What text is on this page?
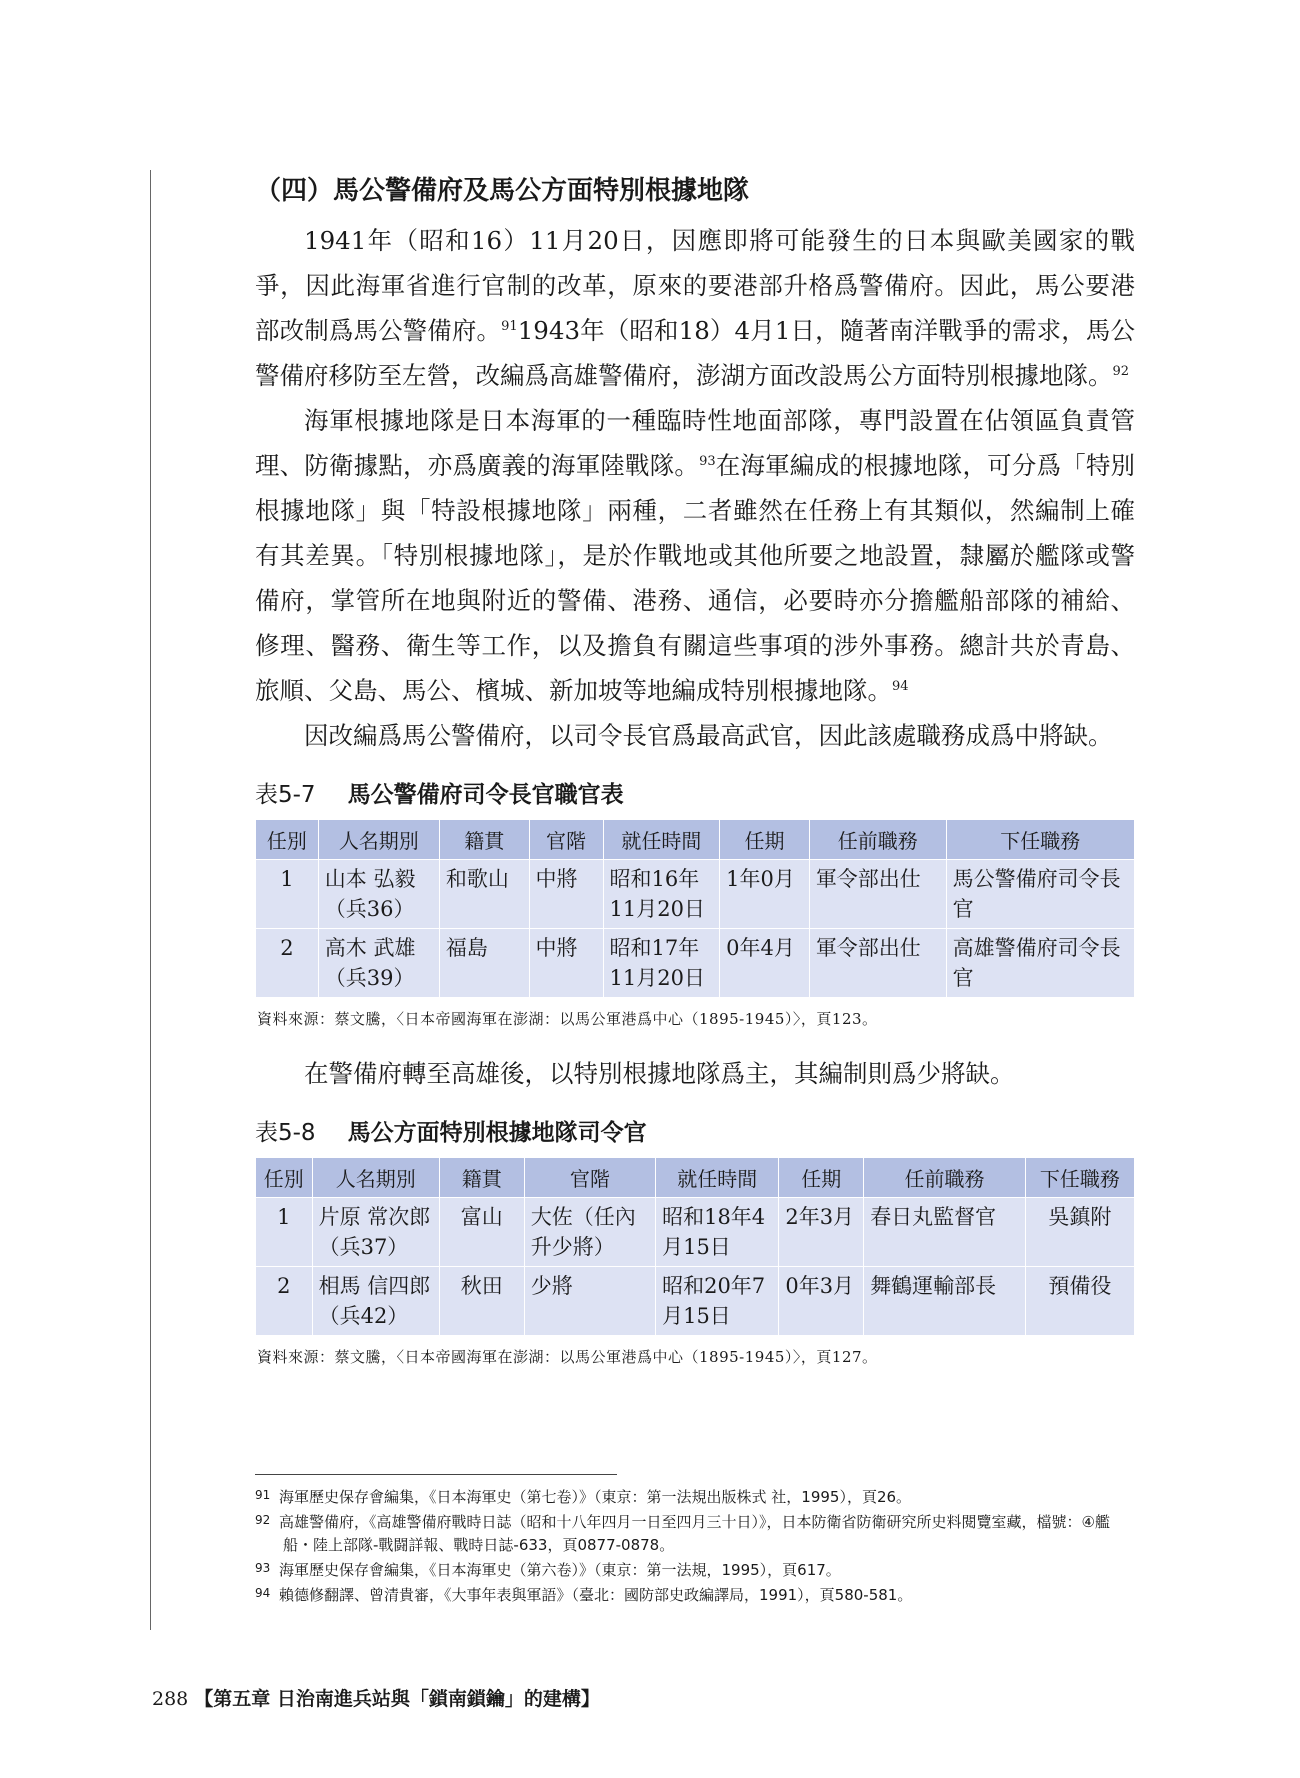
（四）馬公警備府及馬公方面特別根據地隊

1941年（昭和16）11月20日，因應即將可能發生的日本與歐美國家的戰爭，因此海軍省進行官制的改革，原來的要港部升格爲警備府。因此，馬公要港部改制爲馬公警備府。$^{91}$1943年（昭和18）4月1日，隨著南洋戰爭的需求，馬公警備府移防至左營，改編爲高雄警備府，澎湖方面改設馬公方面特別根據地隊。$^{92}$

海軍根據地隊是日本海軍的一種臨時性地面部隊，專門設置在佔領區負責管理、防衛據點，亦爲廣義的海軍陸戰隊。$^{93}$在海軍編成的根據地隊，可分爲「特別根據地隊」與「特設根據地隊」兩種，二者雖然在任務上有其類似，然編制上確有其差異。「特別根據地隊」，是於作戰地或其他所要之地設置，隸屬於艦隊或警備府，掌管所在地與附近的警備、港務、通信，必要時亦分擔艦船部隊的補給、修理、醫務、衛生等工作，以及擔負有關這些事項的涉外事務。總計共於青島、旅順、父島、馬公、檳城、新加坡等地編成特別根據地隊。$^{94}$

因改編爲馬公警備府，以司令長官爲最高武官，因此該處職務成爲中將缺。

表5-7 馬公警備府司令長官職官表
任別	人名期別	籍貫	官階	就任時間	任期	任前職務	下任職務
1	山本 弘毅（兵36）	和歌山	中將	昭和16年11月20日	1年0月	軍令部出仕	馬公警備府司令長官
2	高木 武雄（兵39）	福島	中將	昭和17年11月20日	0年4月	軍令部出仕	高雄警備府司令長官
資料來源：蔡文騰，〈日本帝國海軍在澎湖：以馬公軍港爲中心（1895-1945）〉，頁123。

在警備府轉至高雄後，以特別根據地隊爲主，其編制則爲少將缺。

表5-8 馬公方面特別根據地隊司令官
任別	人名期別	籍貫	官階	就任時間	任期	任前職務	下任職務
1	片原 常次郎（兵37）	富山	大佐（任內升少將）	昭和18年4月15日	2年3月	春日丸監督官	吳鎮附
2	相馬 信四郎（兵42）	秋田	少將	昭和20年7月15日	0年3月	舞鶴運輸部長	預備役
資料來源：蔡文騰，〈日本帝國海軍在澎湖：以馬公軍港爲中心（1895-1945）〉，頁127。
91 海軍歷史保存會編集，《日本海軍史（第七卷）》（東京：第一法規出版株式 社，1995），頁26。
92 高雄警備府，《高雄警備府戰時日誌（昭和十八年四月一日至四月三十日）》，日本防衛省防衛研究所史料閱覽室藏，檔號：④艦船・陸上部隊-戰闘詳報、戰時日誌-633，頁0877-0878。
93 海軍歷史保存會編集，《日本海軍史（第六卷）》（東京：第一法規，1995），頁617。
94 賴德修翻譯、曾清貴審，《大事年表與軍語》（臺北：國防部史政編譯局，1991），頁580-581。
288 【第五章 日治南進兵站與「鎖南鎖鑰」的建構】
